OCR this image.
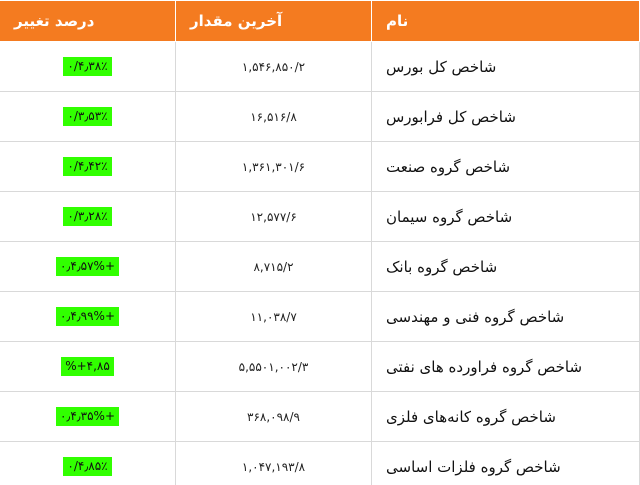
نام	آخرین مقدار	درصد تغییر
شاخص کل بورس	۱,۵۴۶,۸۵۰/۲	۴٫۳۸٪/۰
شاخص کل فرابورس	۱۶,۵۱۶/۸	۳٫۵۳٪/۰
شاخص گروه صنعت	۱,۳۶۱,۳۰۱/۶	۴٫۴۲٪/۰
شاخص گروه سیمان	۱۲,۵۷۷/۶	۳٫۲۸٪/۰
شاخص گروه بانک	۸,۷۱۵/۲	۰٫۴٫۵۷%+
شاخص گروه فنی و مهندسی	۱۱,۰۳۸/۷	۰٫۴٫۹۹%+
شاخص گروه فراورده های نفتی	۵,۵۵۰۱,۰۰۲/۳	%+۴,۸۵
شاخص گروه کانه‌های فلزی	۳۶۸,۰۹۸/۹	۰٫۴٫۳۵%+
شاخص گروه فلزات اساسی	۱,۰۴۷,۱۹۳/۸	۴٫۸۵٪/۰
